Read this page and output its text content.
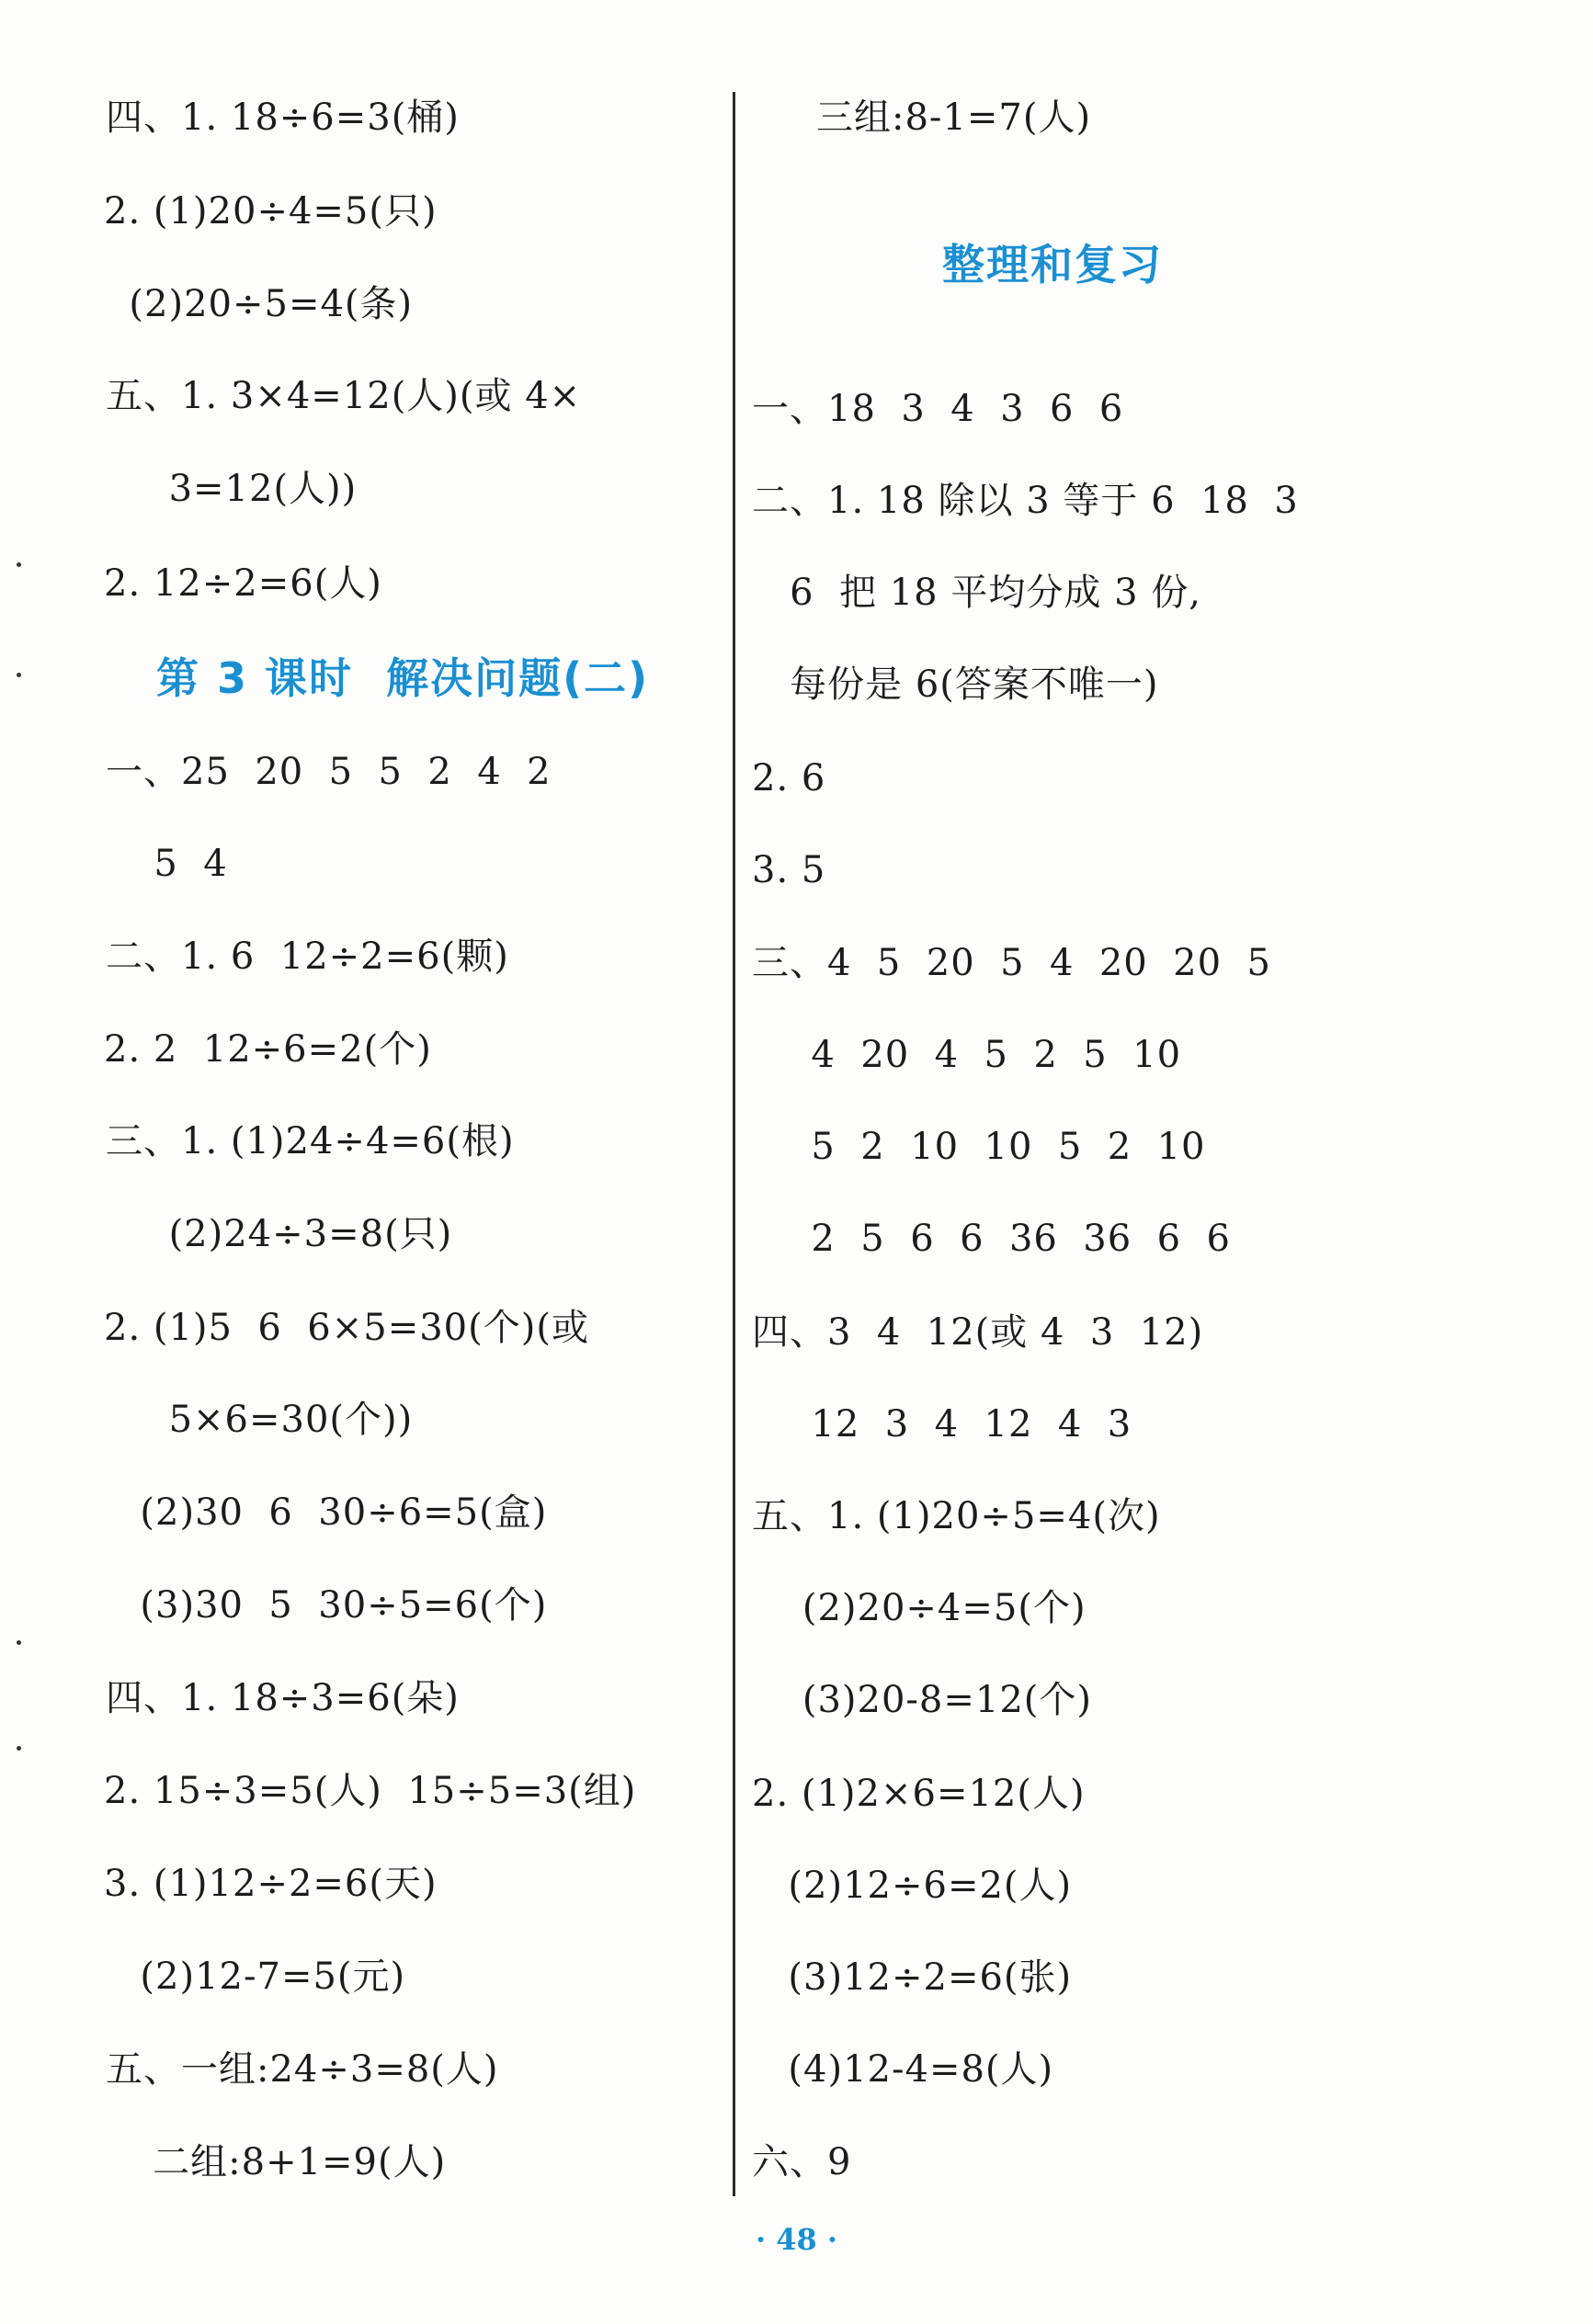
四、1. 18÷6=3(桶)
2. (1)20÷4=5(只)
(2)20÷5=4(条)
五、1. 3×4=12(人)(或 4×
3=12(人))
2. 12÷2=6(人)
第 3 课时  解决问题(二)
一、25  20  5  5  2  4  2
5  4
二、1. 6  12÷2=6(颗)
2. 2  12÷6=2(个)
三、1. (1)24÷4=6(根)
(2)24÷3=8(只)
2. (1)5  6  6×5=30(个)(或
5×6=30(个))
(2)30  6  30÷6=5(盒)
(3)30  5  30÷5=6(个)
四、1. 18÷3=6(朵)
2. 15÷3=5(人)  15÷5=3(组)
3. (1)12÷2=6(天)
(2)12-7=5(元)
五、一组:24÷3=8(人)
二组:8+1=9(人)
三组:8-1=7(人)
整理和复习
一、18  3  4  3  6  6
二、1. 18 除以 3 等于 6  18  3
6  把 18 平均分成 3 份,
每份是 6(答案不唯一)
2. 6
3. 5
三、4  5  20  5  4  20  20  5
4  20  4  5  2  5  10
5  2  10  10  5  2  10
2  5  6  6  36  36  6  6
四、3  4  12(或 4  3  12)
12  3  4  12  4  3
五、1. (1)20÷5=4(次)
(2)20÷4=5(个)
(3)20-8=12(个)
2. (1)2×6=12(人)
(2)12÷6=2(人)
(3)12÷2=6(张)
(4)12-4=8(人)
六、9
· 48 ·
